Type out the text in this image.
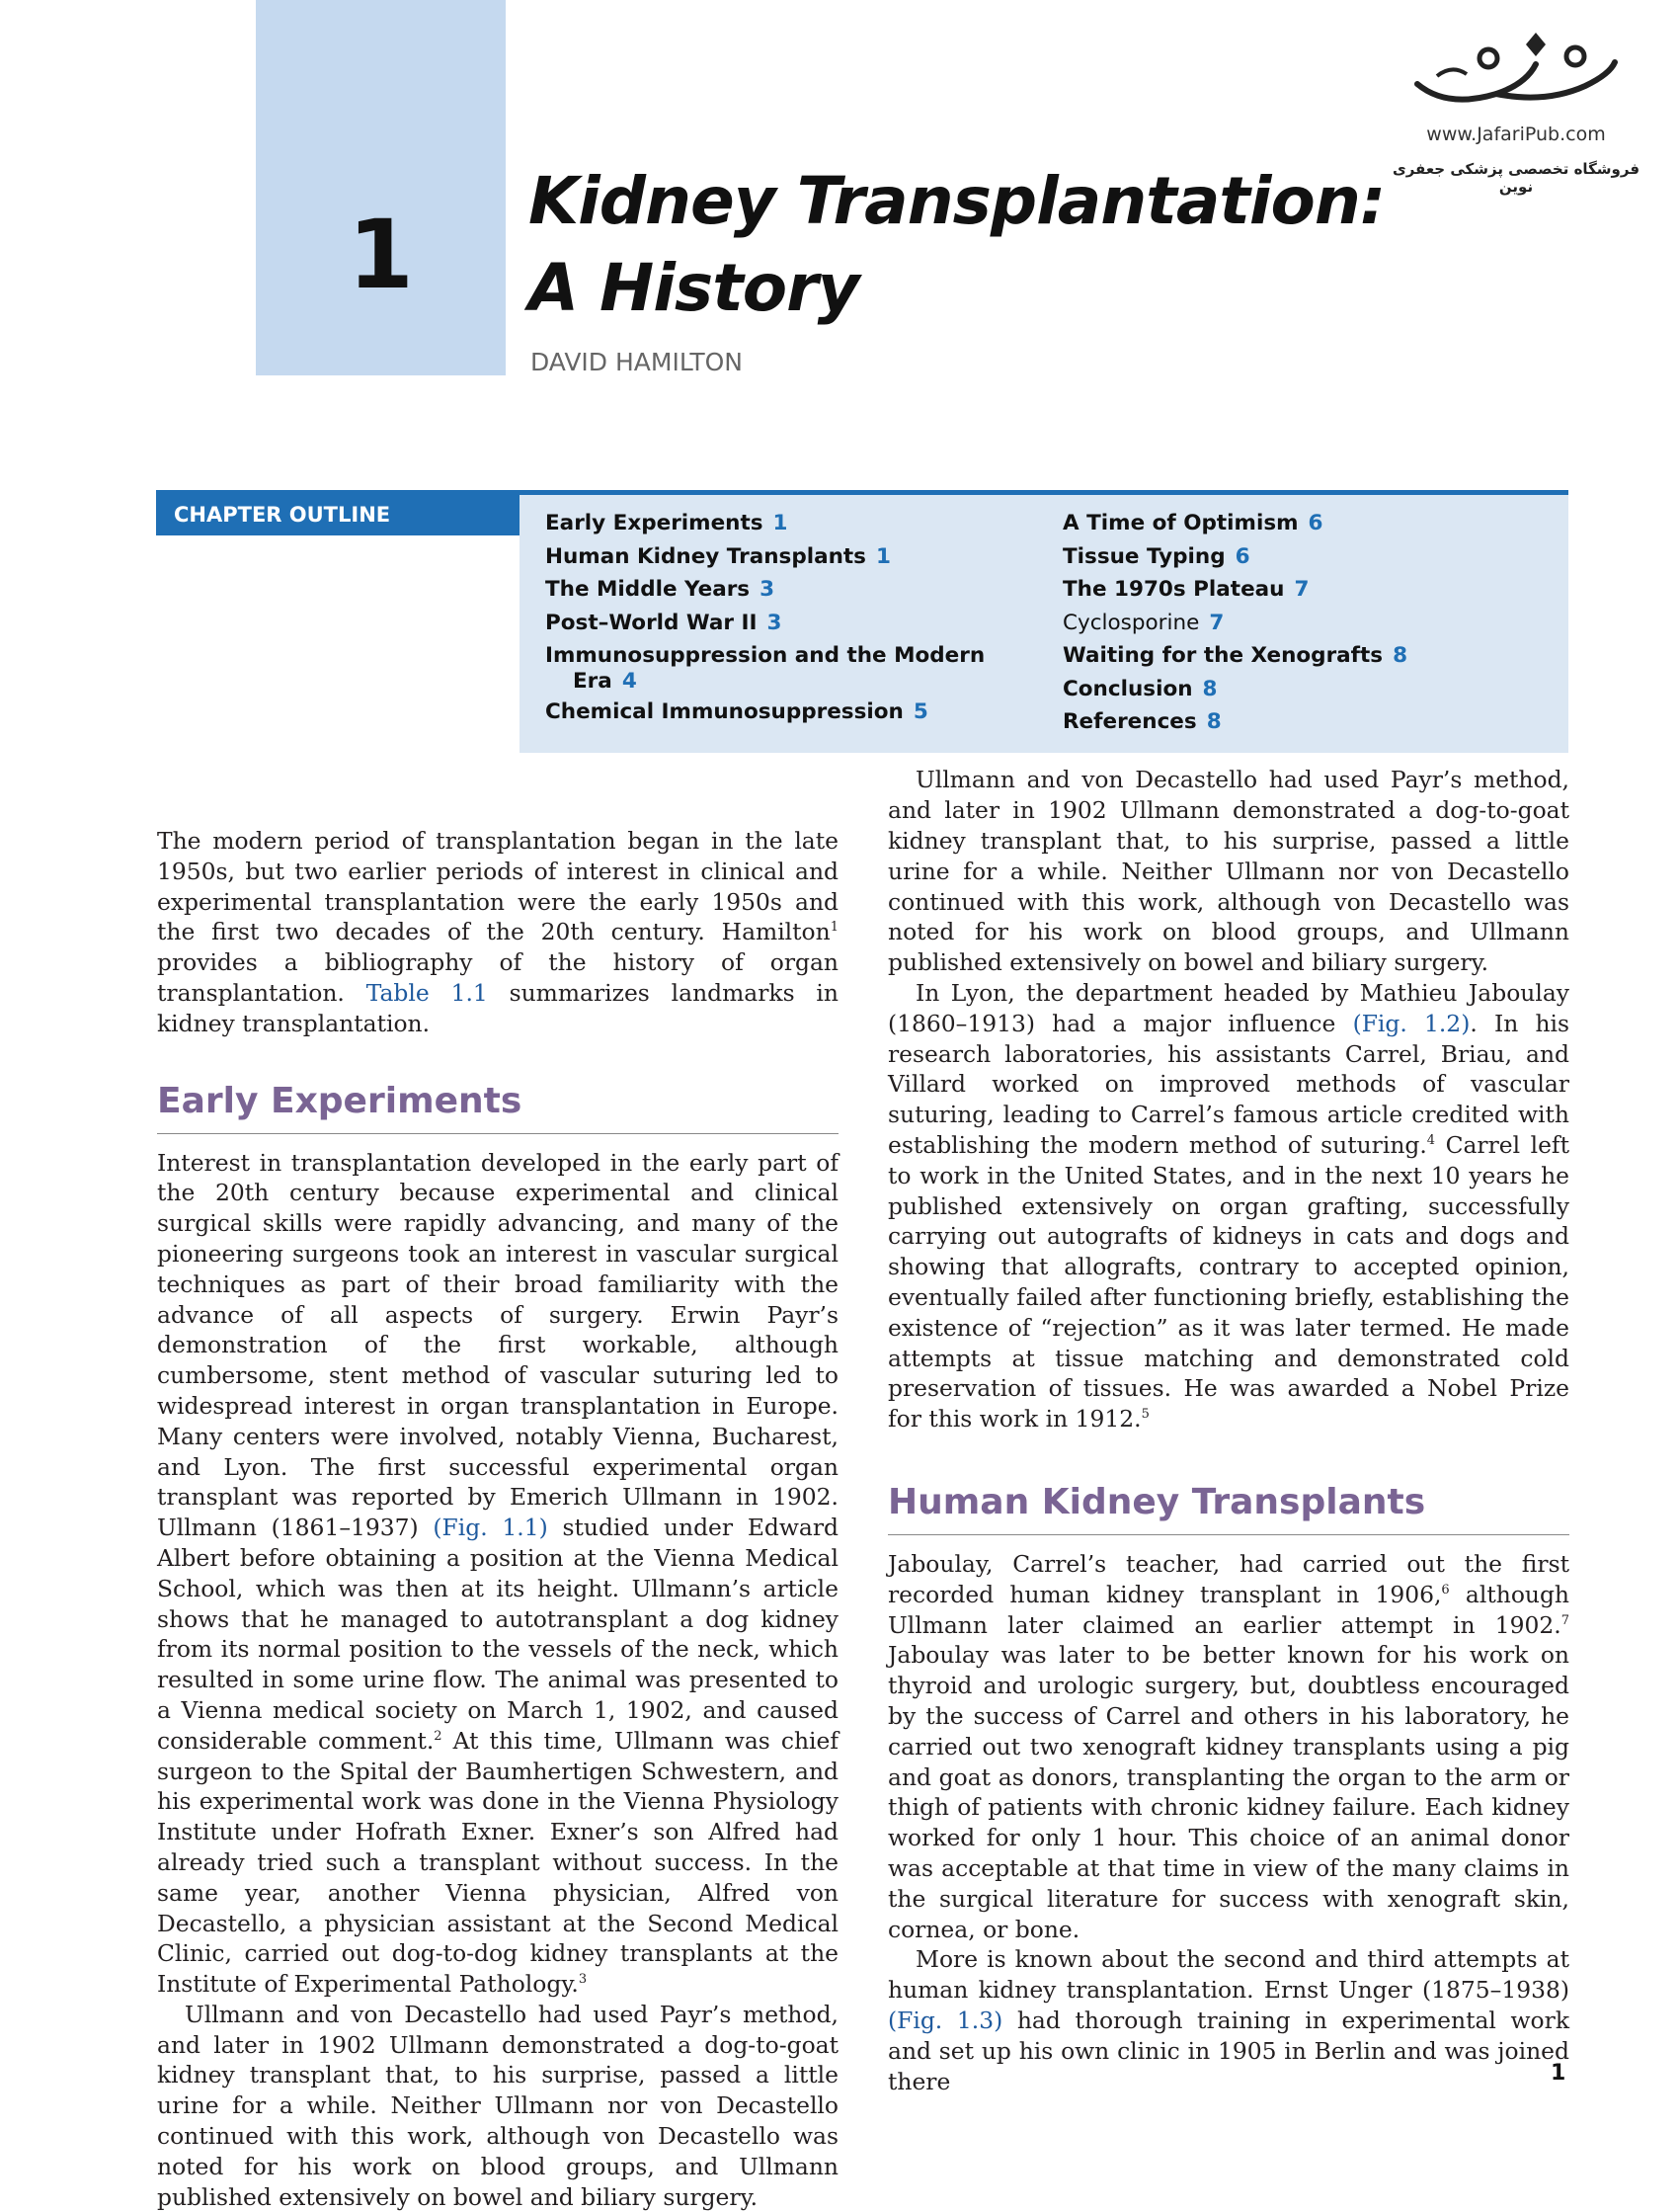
1	Kidney Transplantation:
A History
DAVID HAMILTON
www.JafariPub.com
فروشگاه تخصصی پزشکی جعفری نوین
CHAPTER OUTLINE	Early Experiments 1
Human Kidney Transplants 1
The Middle Years 3
Post–World War II 3
Immunosuppression and the Modern
Era 4
Chemical Immunosuppression 5
A Time of Optimism 6
Tissue Typing 6
The 1970s Plateau 7
Cyclosporine 7
Waiting for the Xenografts 8
Conclusion 8
References 8

The modern period of transplantation began in the late 1950s, but two earlier periods of interest in clinical and experimental transplantation were the early 1950s and the first two decades of the 20th century. Hamilton$^1$ provides a bibliography of the history of organ transplantation. Table 1.1 summarizes landmarks in kidney transplantation.

Early Experiments

Interest in transplantation developed in the early part of the 20th century because experimental and clinical surgical skills were rapidly advancing, and many of the pioneering surgeons took an interest in vascular surgical techniques as part of their broad familiarity with the advance of all aspects of surgery. Erwin Payr’s demonstration of the first workable, although cumbersome, stent method of vascular suturing led to widespread interest in organ transplantation in Europe. Many centers were involved, notably Vienna, Bucharest, and Lyon. The first successful experimental organ transplant was reported by Emerich Ullmann in 1902. Ullmann (1861–1937) (Fig. 1.1) studied under Edward Albert before obtaining a position at the Vienna Medical School, which was then at its height. Ullmann’s article shows that he managed to autotransplant a dog kidney from its normal position to the vessels of the neck, which resulted in some urine flow. The animal was presented to a Vienna medical society on March 1, 1902, and caused considerable comment.$^2$ At this time, Ullmann was chief surgeon to the Spital der Baumhertigen Schwestern, and his experimental work was done in the Vienna Physiology Institute under Hofrath Exner. Exner’s son Alfred had already tried such a transplant without success. In the same year, another Vienna physician, Alfred von Decastello, a physician assistant at the Second Medical Clinic, carried out dog-to-dog kidney transplants at the Institute of Experimental Pathology.$^3$

Ullmann and von Decastello had used Payr’s method, and later in 1902 Ullmann demonstrated a dog-to-goat kidney transplant that, to his surprise, passed a little urine for a while. Neither Ullmann nor von Decastello continued with this work, although von Decastello was noted for his work on blood groups, and Ullmann published extensively on bowel and biliary surgery.

Ullmann and von Decastello had used Payr’s method, and later in 1902 Ullmann demonstrated a dog-to-goat kidney transplant that, to his surprise, passed a little urine for a while. Neither Ullmann nor von Decastello continued with this work, although von Decastello was noted for his work on blood groups, and Ullmann published extensively on bowel and biliary surgery.

In Lyon, the department headed by Mathieu Jaboulay (1860–1913) had a major influence (Fig. 1.2). In his research laboratories, his assistants Carrel, Briau, and Villard worked on improved methods of vascular suturing, leading to Carrel’s famous article credited with establishing the modern method of suturing.$^4$ Carrel left to work in the United States, and in the next 10 years he published extensively on organ grafting, successfully carrying out autografts of kidneys in cats and dogs and showing that allografts, contrary to accepted opinion, eventually failed after functioning briefly, establishing the existence of “rejection” as it was later termed. He made attempts at tissue matching and demonstrated cold preservation of tissues. He was awarded a Nobel Prize for this work in 1912.$^5$

Human Kidney Transplants

Jaboulay, Carrel’s teacher, had carried out the first recorded human kidney transplant in 1906,$^6$ although Ullmann later claimed an earlier attempt in 1902.$^7$ Jaboulay was later to be better known for his work on thyroid and urologic surgery, but, doubtless encouraged by the success of Carrel and others in his laboratory, he carried out two xenograft kidney transplants using a pig and goat as donors, transplanting the organ to the arm or thigh of patients with chronic kidney failure. Each kidney worked for only 1 hour. This choice of an animal donor was acceptable at that time in view of the many claims in the surgical literature for success with xenograft skin, cornea, or bone.

More is known about the second and third attempts at human kidney transplantation. Ernst Unger (1875–1938) (Fig. 1.3) had thorough training in experimental work and set up his own clinic in 1905 in Berlin and was joined there	1
